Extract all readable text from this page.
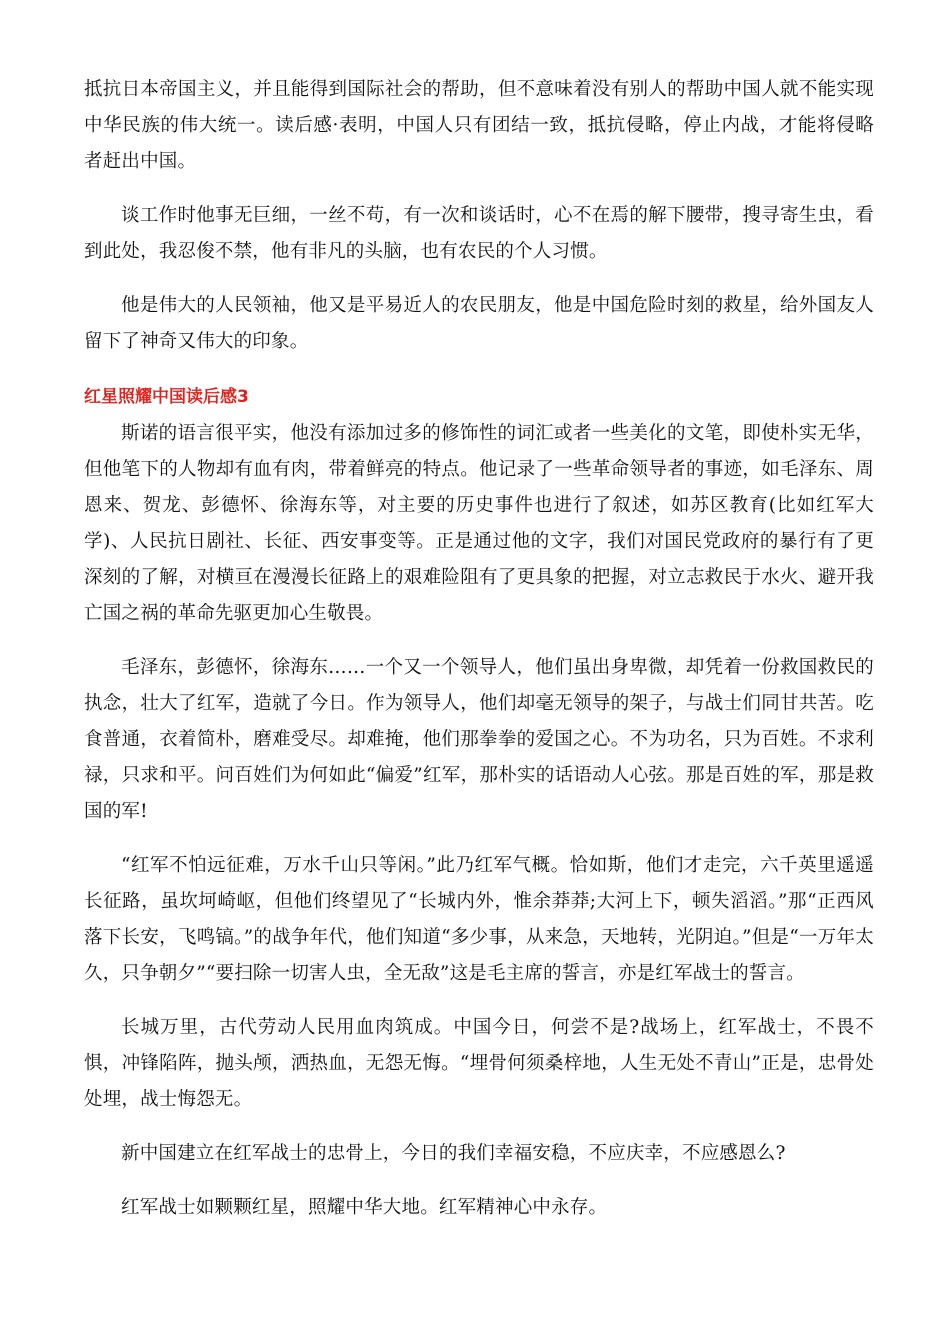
抵抗日本帝国主义，并且能得到国际社会的帮助，但不意味着没有别人的帮助中国人就不能实现中华民族的伟大统一。读后感·表明，中国人只有团结一致，抵抗侵略，停止内战，才能将侵略者赶出中国。

谈工作时他事无巨细，一丝不苟，有一次和谈话时，心不在焉的解下腰带，搜寻寄生虫，看到此处，我忍俊不禁，他有非凡的头脑，也有农民的个人习惯。

他是伟大的人民领袖，他又是平易近人的农民朋友，他是中国危险时刻的救星，给外国友人留下了神奇又伟大的印象。

红星照耀中国读后感3

斯诺的语言很平实，他没有添加过多的修饰性的词汇或者一些美化的文笔，即使朴实无华，但他笔下的人物却有血有肉，带着鲜亮的特点。他记录了一些革命领导者的事迹，如毛泽东、周恩来、贺龙、彭德怀、徐海东等，对主要的历史事件也进行了叙述，如苏区教育(比如红军大学)、人民抗日剧社、长征、西安事变等。正是通过他的文字，我们对国民党政府的暴行有了更深刻的了解，对横亘在漫漫长征路上的艰难险阻有了更具象的把握，对立志救民于水火、避开我亡国之祸的革命先驱更加心生敬畏。

毛泽东，彭德怀，徐海东……一个又一个领导人，他们虽出身卑微，却凭着一份救国救民的执念，壮大了红军，造就了今日。作为领导人，他们却毫无领导的架子，与战士们同甘共苦。吃食普通，衣着简朴，磨难受尽。却难掩，他们那拳拳的爱国之心。不为功名，只为百姓。不求利禄，只求和平。问百姓们为何如此“偏爱”红军，那朴实的话语动人心弦。那是百姓的军，那是救国的军!

“红军不怕远征难，万水千山只等闲。”此乃红军气概。恰如斯，他们才走完，六千英里遥遥长征路，虽坎坷崎岖，但他们终望见了“长城内外，惟余莽莽;大河上下，顿失滔滔。”那“正西风落下长安，飞鸣镐。”的战争年代，他们知道“多少事，从来急，天地转，光阴迫。”但是“一万年太久，只争朝夕”“要扫除一切害人虫，全无敌”这是毛主席的誓言，亦是红军战士的誓言。

长城万里，古代劳动人民用血肉筑成。中国今日，何尝不是?战场上，红军战士，不畏不惧，冲锋陷阵，抛头颅，洒热血，无怨无悔。“埋骨何须桑梓地，人生无处不青山”正是，忠骨处处埋，战士悔怨无。

新中国建立在红军战士的忠骨上，今日的我们幸福安稳，不应庆幸，不应感恩么?

红军战士如颗颗红星，照耀中华大地。红军精神心中永存。
